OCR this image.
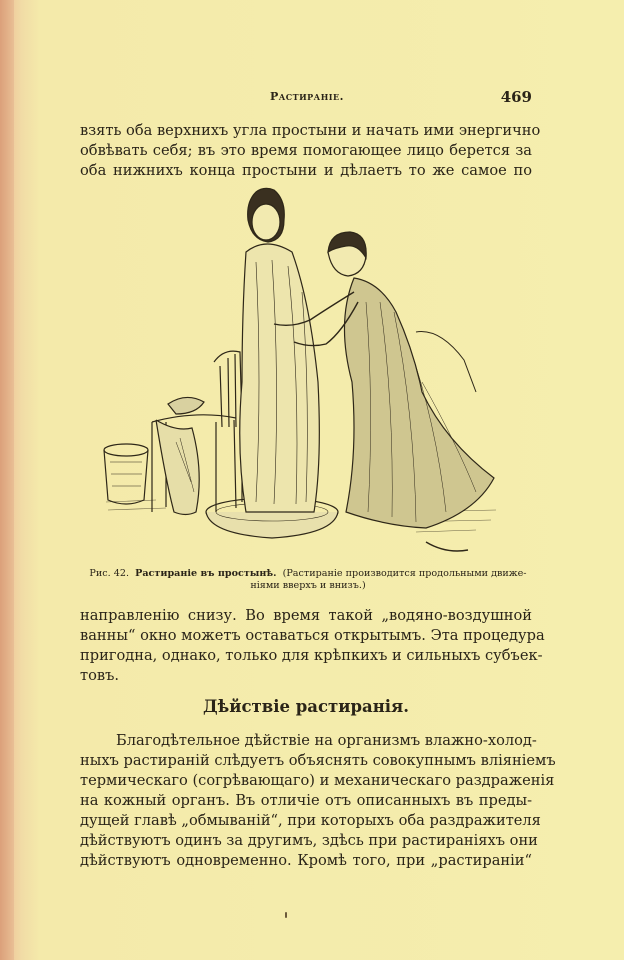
Растиранiе.	469
взять оба верхнихъ угла простыни и начать ими энергично
обвѣвать себя; въ это время помогающее лицо берется за
оба нижнихъ конца простыни и дѣлаетъ то же самое по
Рис. 42. Растиранiе въ простынѣ. (Растиранiе производится продольными движе-
нiями вверхъ и внизъ.)
направленiю снизу. Во время такой „водяно-воздушной
ванны“ окно можетъ оставаться открытымъ. Эта процедура
пригодна, однако, только для крѣпкихъ и сильныхъ субъек-
товъ.
Дѣйствiе растиранiя.
Благодѣтельное дѣйствiе на организмъ влажно-холод-
ныхъ растиранiй слѣдуетъ объяснять совокупнымъ влiянiемъ
термическаго (согрѣвающаго) и механическаго раздраженiя
на кожный органъ. Въ отличiе отъ описанныхъ въ преды-
дущей главѣ „обмыванiй“, при которыхъ оба раздражителя
дѣйствуютъ одинъ за другимъ, здѣсь при растиранiяхъ они
дѣйствуютъ одновременно. Кромѣ того, при „растиранiи“
